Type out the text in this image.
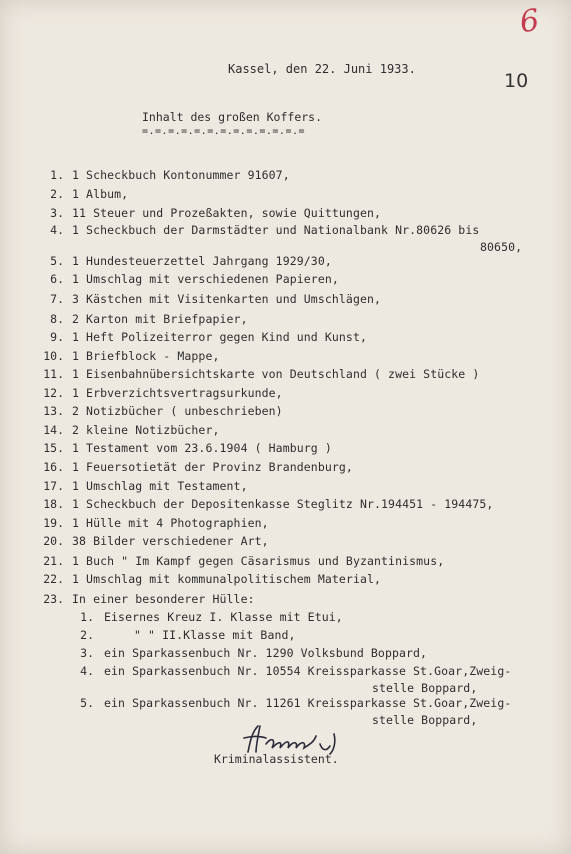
6
10
Kassel, den 22. Juni 1933.
Inhalt des großen Koffers.
=.=.=.=.=.=.=.=.=.=.=.=.=
Kriminalassistent.
1. 1 Scheckbuch Kontonummer 91607,
2. 1 Album,
3. 11 Steuer und Prozeßakten, sowie Quittungen,
4. 1 Scheckbuch der Darmstädter und Nationalbank Nr.80626 bis
80650,
5. 1 Hundesteuerzettel Jahrgang 1929/30,
6. 1 Umschlag mit verschiedenen Papieren,
7. 3 Kästchen mit Visitenkarten und Umschlägen,
8. 2 Karton mit Briefpapier,
9. 1 Heft Polizeiterror gegen Kind und Kunst,
10. 1 Briefblock - Mappe,
11. 1 Eisenbahnübersichtskarte von Deutschland ( zwei Stücke )
12. 1 Erbverzichtsvertragsurkunde,
13. 2 Notizbücher ( unbeschrieben)
14. 2 kleine Notizbücher,
15. 1 Testament vom 23.6.1904 ( Hamburg )
16. 1 Feuersotietät der Provinz Brandenburg,
17. 1 Umschlag mit Testament,
18. 1 Scheckbuch der Depositenkasse Steglitz Nr.194451 - 194475,
19. 1 Hülle mit 4 Photographien,
20. 38 Bilder verschiedener Art,
21. 1 Buch " Im Kampf gegen Cäsarismus und Byzantinismus,
22. 1 Umschlag mit kommunalpolitischem Material,
23. In einer besonderer Hülle:
1. Eisernes Kreuz I. Klasse mit Etui,
2.	" " II.Klasse mit Band,
3. ein Sparkassenbuch Nr. 1290 Volksbund Boppard,
4. ein Sparkassenbuch Nr. 10554 Kreissparkasse St.Goar,Zweig-
stelle Boppard,
5. ein Sparkassenbuch Nr. 11261 Kreissparkasse St.Goar,Zweig-
stelle Boppard,
